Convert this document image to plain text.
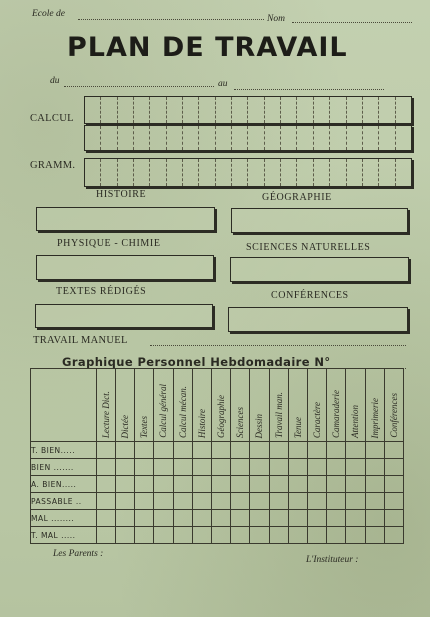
Ecole de	Nom
PLAN DE TRAVAIL
du	au
CALCUL
GRAMM.
HISTOIRE	GÉOGRAPHIE
PHYSIQUE - CHIMIE	SCIENCES NATURELLES
TEXTES RÉDIGÉS	CONFÉRENCES
TRAVAIL MANUEL
Graphique Personnel Hebdomadaire N°

	Lecture Dict.	Dictée	Textes	Calcul général	Calcul mécan.	Histoire	Géographie	Sciences	Dessin	Travail man.	Tenue	Caractère	Camaraderie	Attention	Imprimerie	Conférences

T. BIEN.....																
BIEN .......																
A. BIEN.....																
PASSABLE ..																
MAL ........																
T. MAL .....																
Les Parents :
L'Instituteur :
